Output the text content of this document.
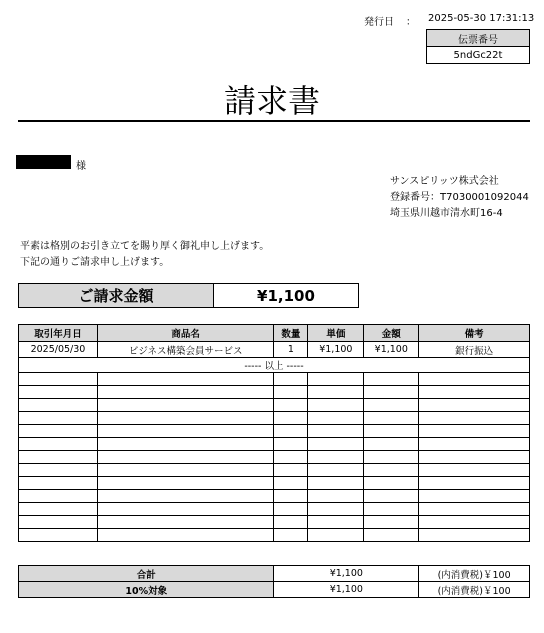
発行日 ： 2025-05-30 17:31:13
伝票番号
5ndGc22t
請求書
様
サンスピリッツ株式会社
登録番号：T7030001092044
埼玉県川越市清水町16-4
平素は格別のお引き立てを賜り厚く御礼申し上げます。
下記の通りご請求申し上げます。
ご請求金額	¥1,100
取引年月日	商品名	数量	単価	金額	備考
2025/05/30	ビジネス構築会員サービス	1	¥1,100	¥1,100	銀行振込
----- 以上 -----					

合計	¥1,100	(内消費税)￥100
10%対象	¥1,100	(内消費税)￥100
